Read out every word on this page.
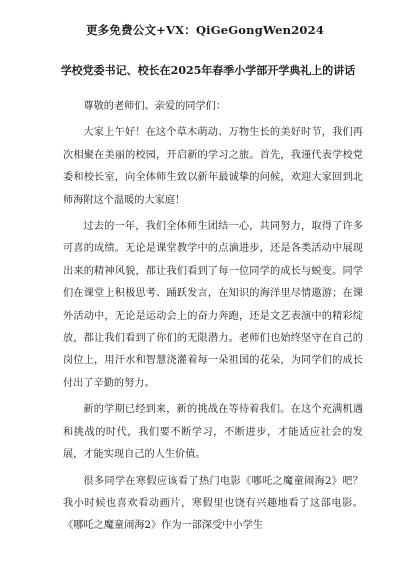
更多免费公文+VX：QiGeGongWen2024
学校党委书记、校长在2025年春季小学部开学典礼上的讲话

尊敬的老师们、亲爱的同学们：

大家上午好！在这个草木萌动、万物生长的美好时节，我们再次相聚在美丽的校园，开启新的学习之旅。首先，我谨代表学校党委和校长室，向全体师生致以新年最诚挚的问候，欢迎大家回到北师海附这个温暖的大家庭！

过去的一年，我们全体师生团结一心，共同努力，取得了许多可喜的成绩。无论是课堂教学中的点滴进步，还是各类活动中展现出来的精神风貌，都让我们看到了每一位同学的成长与蜕变。同学们在课堂上积极思考、踊跃发言，在知识的海洋里尽情遨游；在课外活动中，无论是运动会上的奋力奔跑，还是文艺表演中的精彩绽放，都让我们看到了你们的无限潜力。老师们也始终坚守在自己的岗位上，用汗水和智慧浇灌着每一朵祖国的花朵，为同学们的成长付出了辛勤的努力。

新的学期已经到来，新的挑战在等待着我们。在这个充满机遇和挑战的时代，我们要不断学习，不断进步，才能适应社会的发展，才能实现自己的人生价值。

很多同学在寒假应该看了热门电影《哪吒之魔童闹海2》吧？我小时候也喜欢看动画片，寒假里也饶有兴趣地看了这部电影。《哪吒之魔童闹海2》作为一部深受中小学生
